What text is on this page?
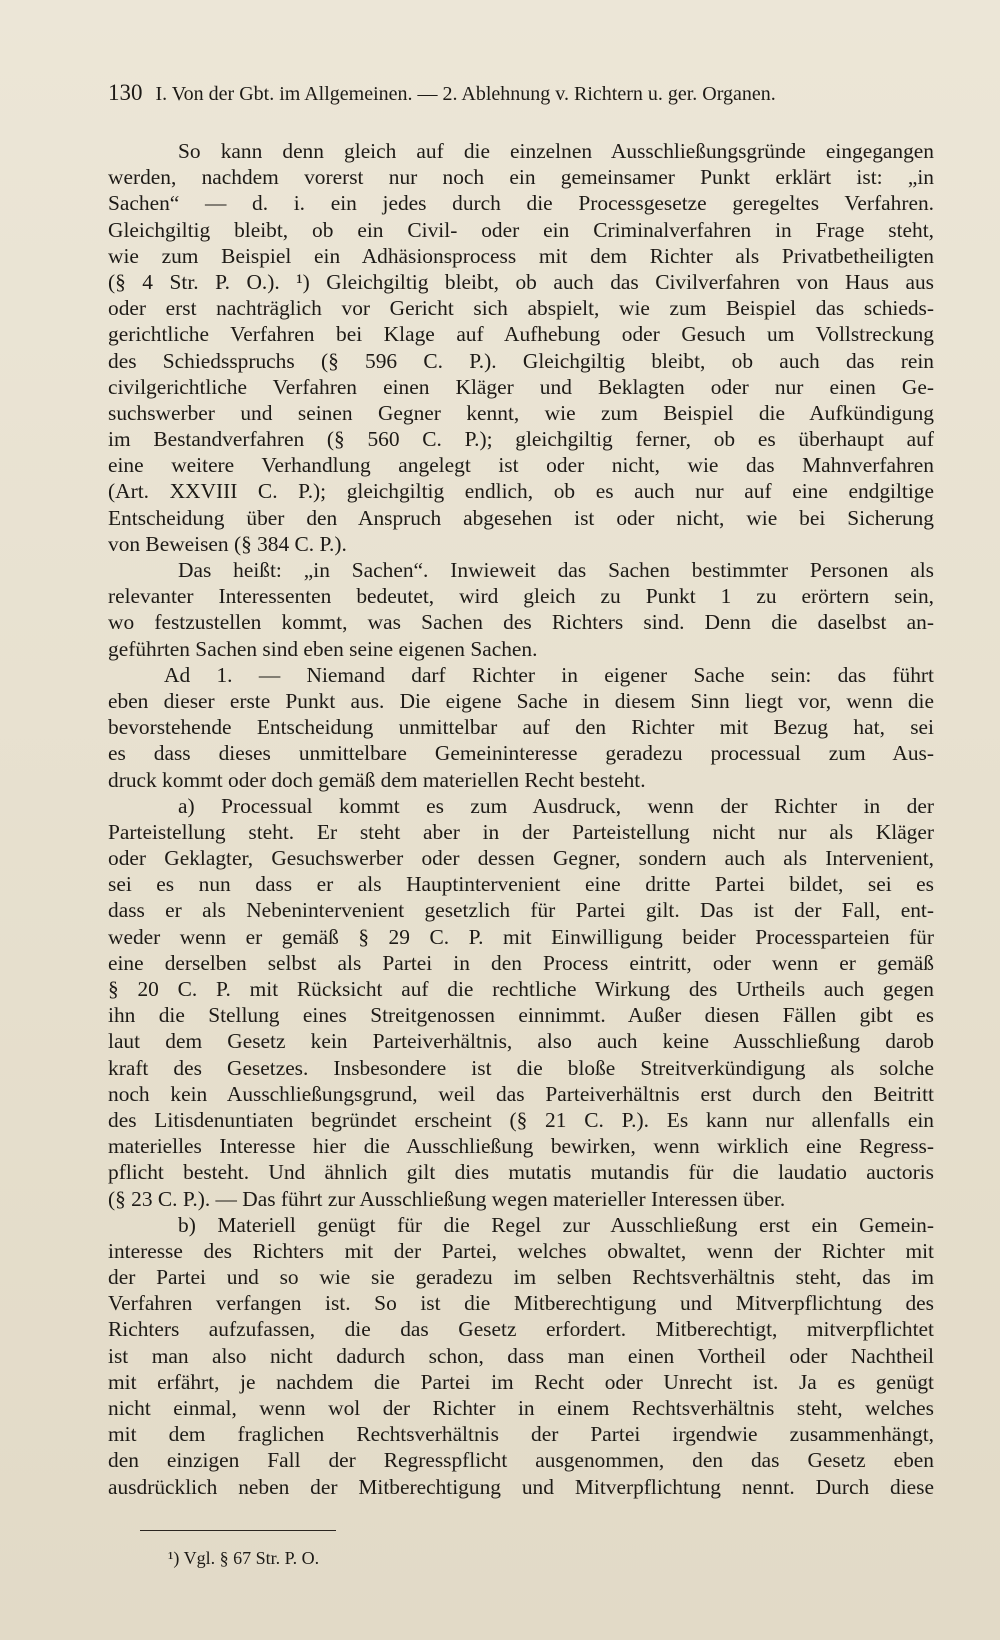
130 I. Von der Gbt. im Allgemeinen. — 2. Ablehnung v. Richtern u. ger. Organen.
So kann denn gleich auf die einzelnen Ausschließungsgründe eingegangen
werden, nachdem vorerst nur noch ein gemeinsamer Punkt erklärt ist: „in
Sachen“ — d. i. ein jedes durch die Processgesetze geregeltes Verfahren.
Gleichgiltig bleibt, ob ein Civil- oder ein Criminalverfahren in Frage steht,
wie zum Beispiel ein Adhäsionsprocess mit dem Richter als Privatbetheiligten
(§ 4 Str. P. O.). ¹) Gleichgiltig bleibt, ob auch das Civilverfahren von Haus aus
oder erst nachträglich vor Gericht sich abspielt, wie zum Beispiel das schieds-
gerichtliche Verfahren bei Klage auf Aufhebung oder Gesuch um Vollstreckung
des Schiedsspruchs (§ 596 C. P.). Gleichgiltig bleibt, ob auch das rein
civilgerichtliche Verfahren einen Kläger und Beklagten oder nur einen Ge-
suchswerber und seinen Gegner kennt, wie zum Beispiel die Aufkündigung
im Bestandverfahren (§ 560 C. P.); gleichgiltig ferner, ob es überhaupt auf
eine weitere Verhandlung angelegt ist oder nicht, wie das Mahnverfahren
(Art. XXVIII C. P.); gleichgiltig endlich, ob es auch nur auf eine endgiltige
Entscheidung über den Anspruch abgesehen ist oder nicht, wie bei Sicherung
von Beweisen (§ 384 C. P.).
Das heißt: „in Sachen“. Inwieweit das Sachen bestimmter Personen als
relevanter Interessenten bedeutet, wird gleich zu Punkt 1 zu erörtern sein,
wo festzustellen kommt, was Sachen des Richters sind. Denn die daselbst an-
geführten Sachen sind eben seine eigenen Sachen.
Ad 1. — Niemand darf Richter in eigener Sache sein: das führt
eben dieser erste Punkt aus. Die eigene Sache in diesem Sinn liegt vor, wenn die
bevorstehende Entscheidung unmittelbar auf den Richter mit Bezug hat, sei
es dass dieses unmittelbare Gemeininteresse geradezu processual zum Aus-
druck kommt oder doch gemäß dem materiellen Recht besteht.
a) Processual kommt es zum Ausdruck, wenn der Richter in der
Parteistellung steht. Er steht aber in der Parteistellung nicht nur als Kläger
oder Geklagter, Gesuchswerber oder dessen Gegner, sondern auch als Intervenient,
sei es nun dass er als Hauptintervenient eine dritte Partei bildet, sei es
dass er als Nebenintervenient gesetzlich für Partei gilt. Das ist der Fall, ent-
weder wenn er gemäß § 29 C. P. mit Einwilligung beider Processparteien für
eine derselben selbst als Partei in den Process eintritt, oder wenn er gemäß
§ 20 C. P. mit Rücksicht auf die rechtliche Wirkung des Urtheils auch gegen
ihn die Stellung eines Streitgenossen einnimmt. Außer diesen Fällen gibt es
laut dem Gesetz kein Parteiverhältnis, also auch keine Ausschließung darob
kraft des Gesetzes. Insbesondere ist die bloße Streitverkündigung als solche
noch kein Ausschließungsgrund, weil das Parteiverhältnis erst durch den Beitritt
des Litisdenuntiaten begründet erscheint (§ 21 C. P.). Es kann nur allenfalls ein
materielles Interesse hier die Ausschließung bewirken, wenn wirklich eine Regress-
pflicht besteht. Und ähnlich gilt dies mutatis mutandis für die laudatio auctoris
(§ 23 C. P.). — Das führt zur Ausschließung wegen materieller Interessen über.
b) Materiell genügt für die Regel zur Ausschließung erst ein Gemein-
interesse des Richters mit der Partei, welches obwaltet, wenn der Richter mit
der Partei und so wie sie geradezu im selben Rechtsverhältnis steht, das im
Verfahren verfangen ist. So ist die Mitberechtigung und Mitverpflichtung des
Richters aufzufassen, die das Gesetz erfordert. Mitberechtigt, mitverpflichtet
ist man also nicht dadurch schon, dass man einen Vortheil oder Nachtheil
mit erfährt, je nachdem die Partei im Recht oder Unrecht ist. Ja es genügt
nicht einmal, wenn wol der Richter in einem Rechtsverhältnis steht, welches
mit dem fraglichen Rechtsverhältnis der Partei irgendwie zusammenhängt,
den einzigen Fall der Regresspflicht ausgenommen, den das Gesetz eben
ausdrücklich neben der Mitberechtigung und Mitverpflichtung nennt. Durch diese
¹) Vgl. § 67 Str. P. O.
